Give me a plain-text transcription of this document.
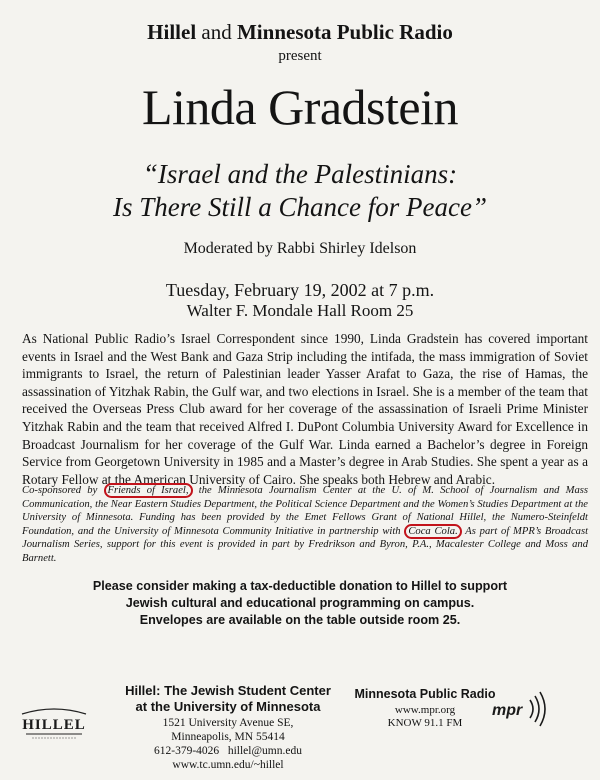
Hillel and Minnesota Public Radio
present
Linda Gradstein
“Israel and the Palestinians:
Is There Still a Chance for Peace”
Moderated by Rabbi Shirley Idelson
Tuesday, February 19, 2002 at 7 p.m.
Walter F. Mondale Hall Room 25
As National Public Radio’s Israel Correspondent since 1990, Linda Gradstein has covered important events in Israel and the West Bank and Gaza Strip including the intifada, the mass immigration of Soviet immigrants to Israel, the return of Palestinian leader Yasser Arafat to Gaza, the rise of Hamas, the assassination of Yitzhak Rabin, the Gulf war, and two elections in Israel. She is a member of the team that received the Overseas Press Club award for her coverage of the assassination of Israeli Prime Minister Yitzhak Rabin and the team that received Alfred I. DuPont Columbia University Award for Excellence in Broadcast Journalism for her coverage of the Gulf War. Linda earned a Bachelor’s degree in Foreign Service from Georgetown University in 1985 and a Master’s degree in Arab Studies. She spent a year as a Rotary Fellow at the American University of Cairo. She speaks both Hebrew and Arabic.
Co-sponsored by Friends of Israel, the Minnesota Journalism Center at the U. of M. School of Journalism and Mass Communication, the Near Eastern Studies Department, the Political Science Department and the Women’s Studies Department at the University of Minnesota. Funding has been provided by the Emet Fellows Grant of National Hillel, the Numero-Steinfeldt Foundation, and the University of Minnesota Community Initiative in partnership with Coca Cola. As part of MPR’s Broadcast Journalism Series, support for this event is provided in part by Fredrikson and Byron, P.A., Macalester College and Moss and Barnett.
Please consider making a tax-deductible donation to Hillel to support
Jewish cultural and educational programming on campus.
Envelopes are available on the table outside room 25.
HILLEL
Hillel: The Jewish Student Center
at the University of Minnesota
1521 University Avenue SE,
Minneapolis, MN 55414
612-379-4026 hillel@umn.edu
www.tc.umn.edu/~hillel
Minnesota Public Radio
www.mpr.org
KNOW 91.1 FM
mpr
